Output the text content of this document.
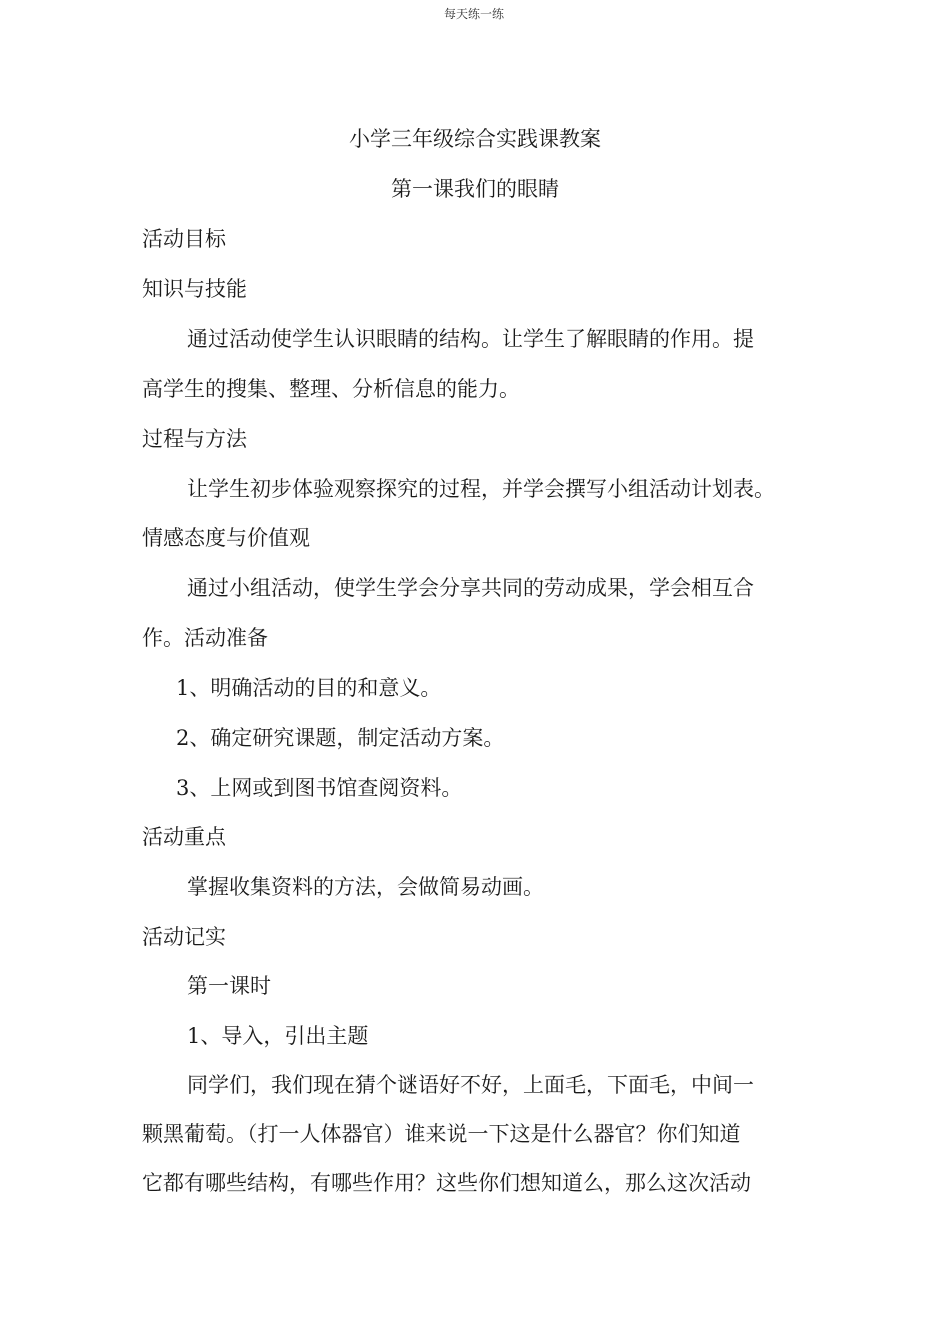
每天练一练
小学三年级综合实践课教案
第一课我们的眼睛
活动目标
知识与技能
通过活动使学生认识眼睛的结构。让学生了解眼睛的作用。提
高学生的搜集、整理、分析信息的能力。
过程与方法
让学生初步体验观察探究的过程，并学会撰写小组活动计划表。
情感态度与价值观
通过小组活动，使学生学会分享共同的劳动成果，学会相互合
作。活动准备
1、明确活动的目的和意义。
2、确定研究课题，制定活动方案。
3、上网或到图书馆查阅资料。
活动重点
掌握收集资料的方法，会做简易动画。
活动记实
第一课时
1、导入，引出主题
同学们，我们现在猜个谜语好不好，上面毛，下面毛，中间一
颗黑葡萄。（打一人体器官）谁来说一下这是什么器官？你们知道
它都有哪些结构，有哪些作用？这些你们想知道么，那么这次活动
